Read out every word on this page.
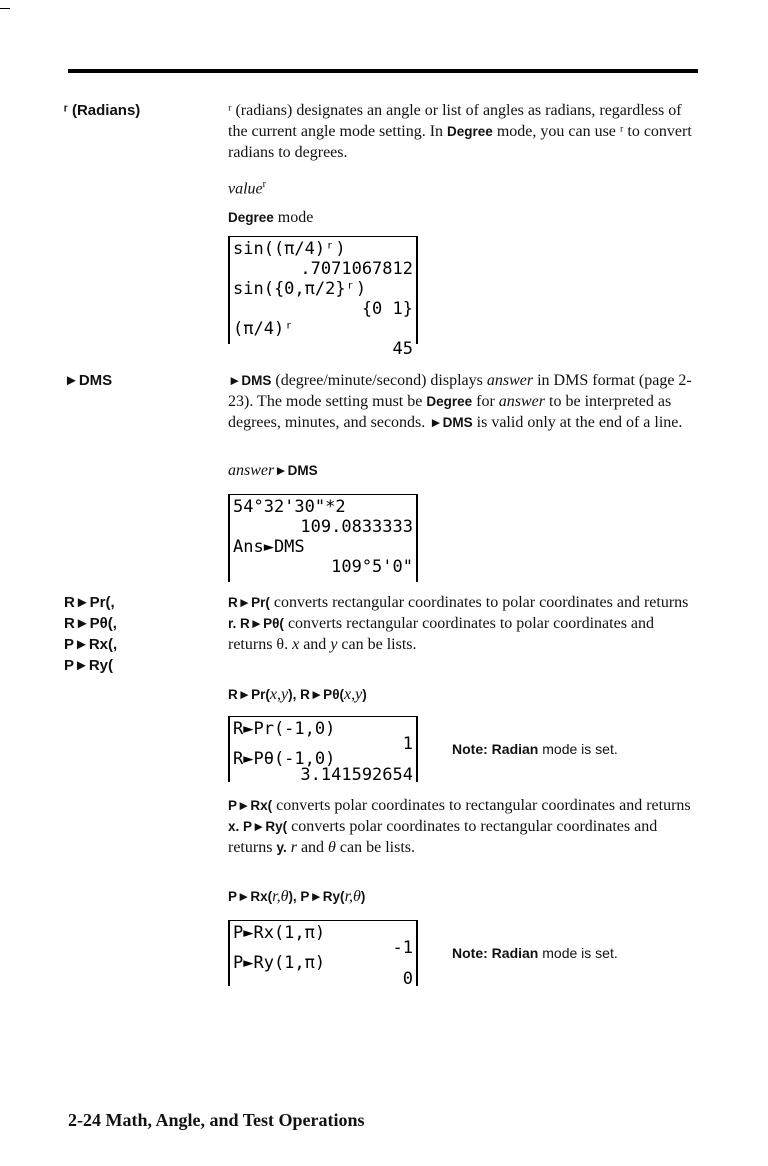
ʳ (Radians)	ʳ (radians) designates an angle or list of angles as radians, regardless of the current angle mode setting. In Degree mode, you can use ʳ to convert radians to degrees.

value$^r$
Degree mode
sin((π/4)ʳ)
.7071067812
sin({0,π/2}ʳ)
{0 1}
(π/4)ʳ
45
►DMS	►DMS (degree/minute/second) displays answer in DMS format (page 2-23). The mode setting must be Degree for answer to be interpreted as degrees, minutes, and seconds. ►DMS is valid only at the end of a line.

answer►DMS
54°32'30"*2
109.0833333
Ans►DMS
109°5'0"
R►Pr(,
R►Pθ(,
P►Rx(,
P►Ry(

R►Pr( converts rectangular coordinates to polar coordinates and returns r. R►Pθ( converts rectangular coordinates to polar coordinates and returns θ. x and y can be lists.

R►Pr(x,y), R►Pθ(x,y)
R►Pr(-1,0)
1
R►Pθ(-1,0)
3.141592654
Note: Radian mode is set.

P►Rx( converts polar coordinates to rectangular coordinates and returns x. P►Ry( converts polar coordinates to rectangular coordinates and returns y. r and θ can be lists.

P►Rx(r,θ), P►Ry(r,θ)
P►Rx(1,π)
-1
P►Ry(1,π)
0
Note: Radian mode is set.
2-24 Math, Angle, and Test Operations
